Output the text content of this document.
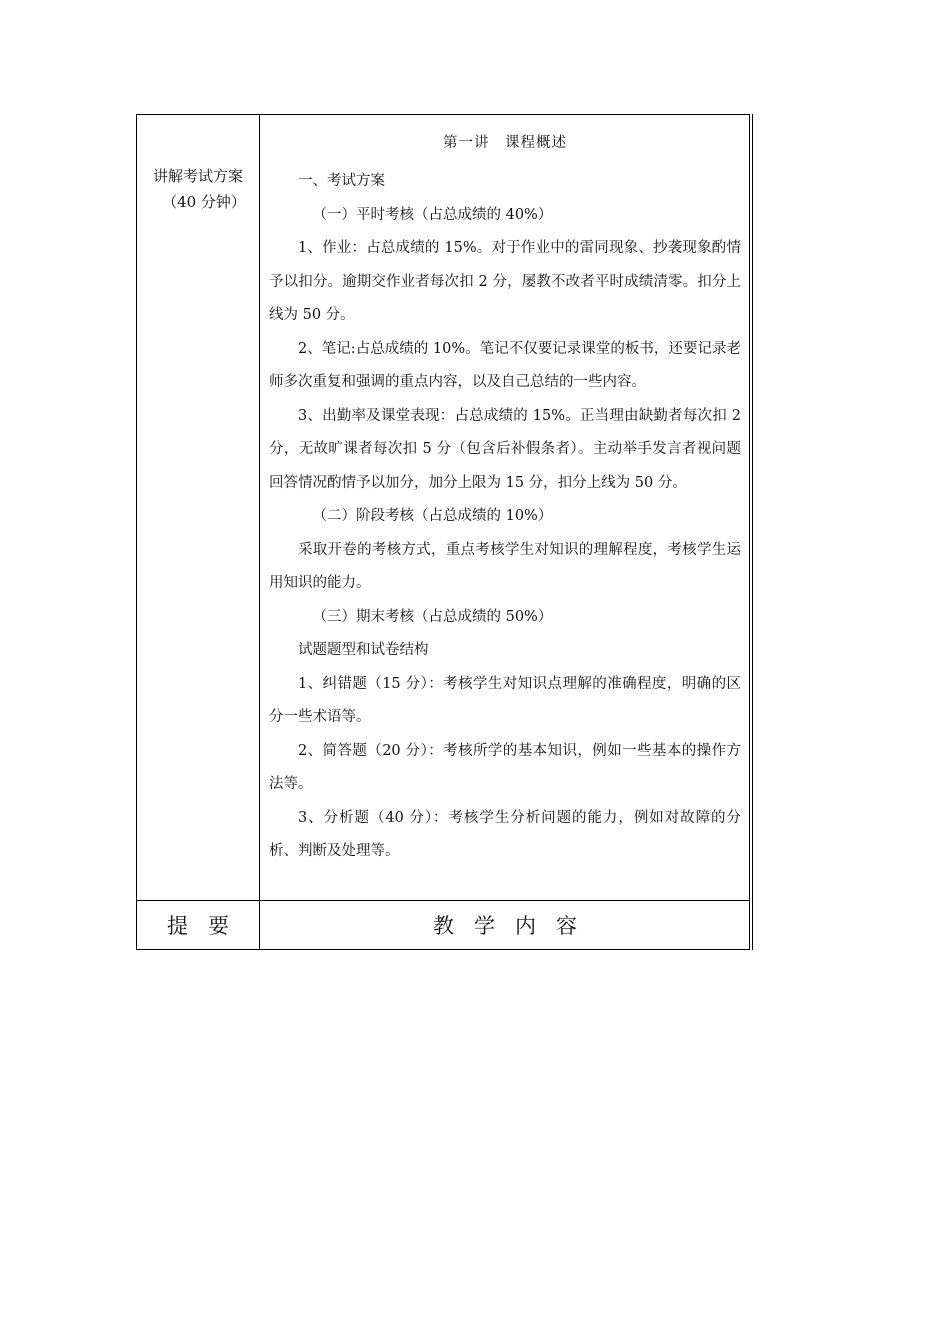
讲解考试方案
（40 分钟）
第一讲　课程概述

一、考试方案

（一）平时考核（占总成绩的 40%）

1、作业：占总成绩的 15%。对于作业中的雷同现象、抄袭现象酌情予以扣分。逾期交作业者每次扣 2 分，屡教不改者平时成绩清零。扣分上线为 50 分。

2、笔记:占总成绩的 10%。笔记不仅要记录课堂的板书，还要记录老师多次重复和强调的重点内容，以及自己总结的一些内容。

3、出勤率及课堂表现：占总成绩的 15%。正当理由缺勤者每次扣 2 分，无故旷课者每次扣 5 分（包含后补假条者）。主动举手发言者视问题回答情况酌情予以加分，加分上限为 15 分，扣分上线为 50 分。

（二）阶段考核（占总成绩的 10%）

采取开卷的考核方式，重点考核学生对知识的理解程度，考核学生运用知识的能力。

（三）期末考核（占总成绩的 50%）

试题题型和试卷结构

1、纠错题（15 分）：考核学生对知识点理解的准确程度，明确的区分一些术语等。

2、简答题（20 分）：考核所学的基本知识，例如一些基本的操作方法等。

3、分析题（40 分）：考核学生分析问题的能力，例如对故障的分析、判断及处理等。

提要	教学内容
